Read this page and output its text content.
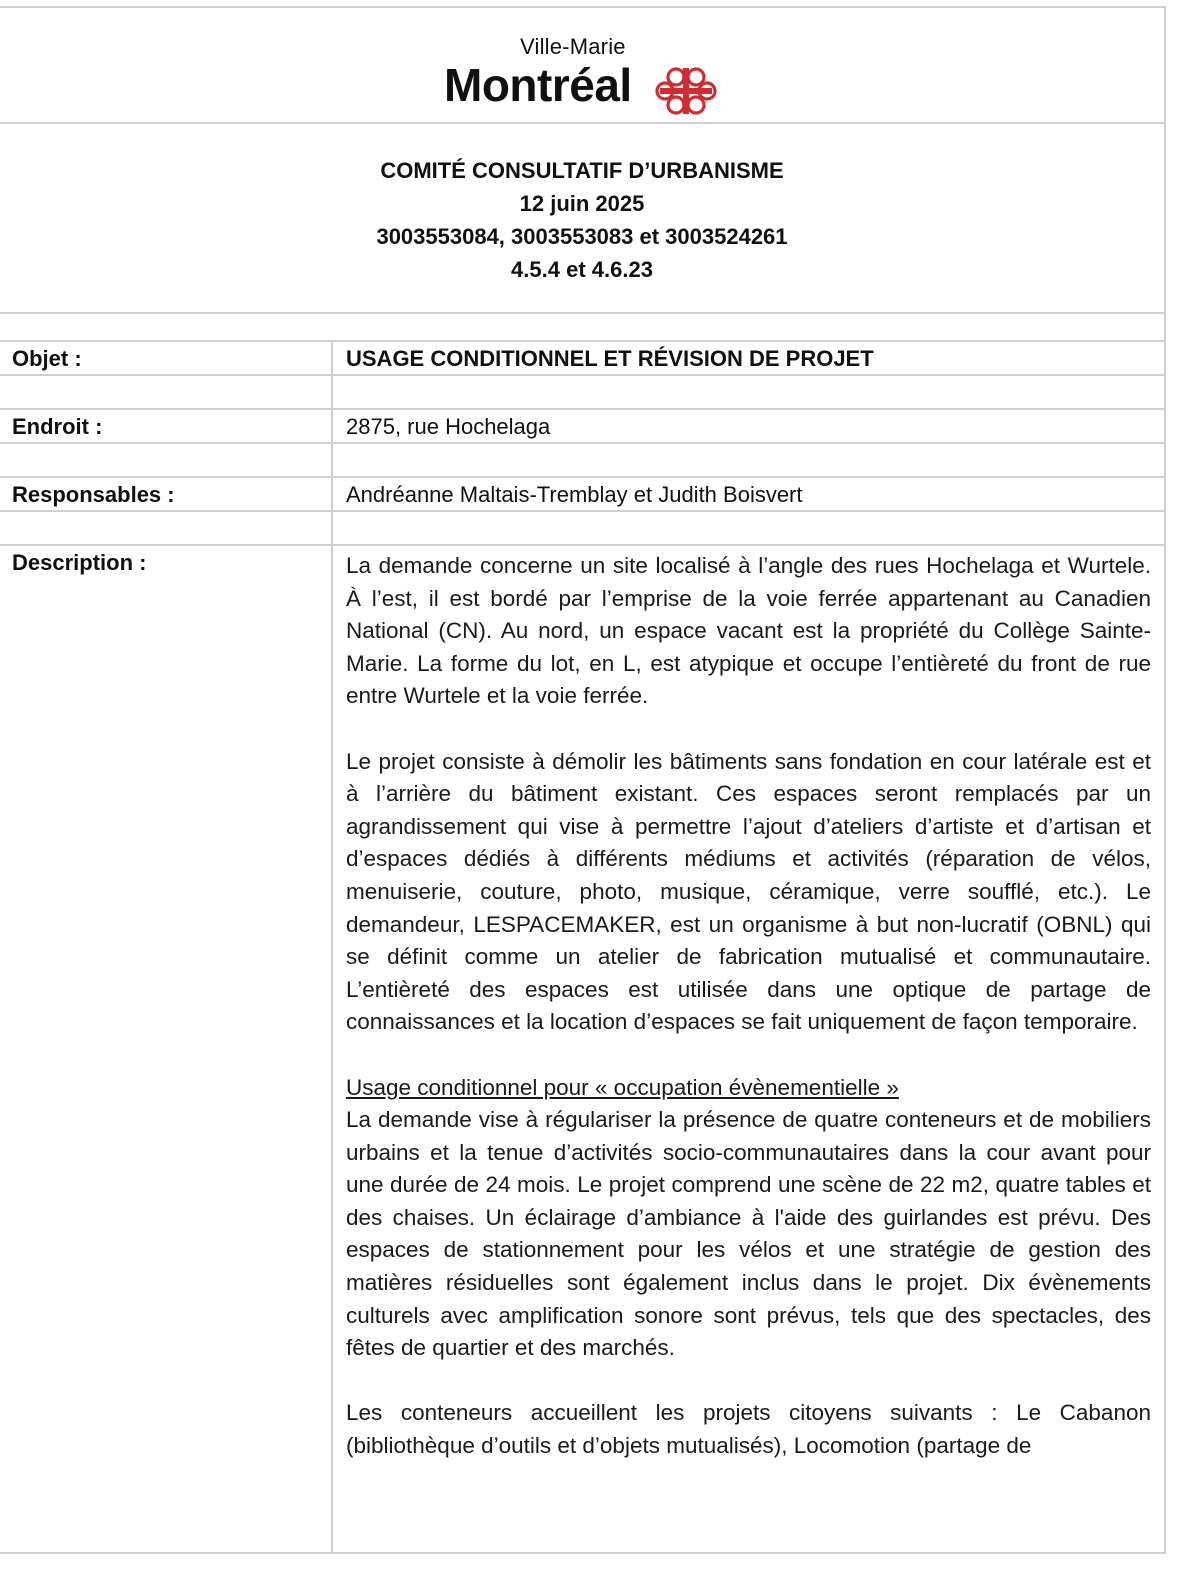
Ville-Marie
Montréal
COMITÉ CONSULTATIF D’URBANISME
12 juin 2025
3003553084, 3003553083 et 3003524261
4.5.4 et 4.6.23
Objet :	USAGE CONDITIONNEL ET RÉVISION DE PROJET
Endroit :	2875, rue Hochelaga
Responsables :	Andréanne Maltais-Tremblay et Judith Boisvert
Description :	La demande concerne un site localisé à l’angle des rues Hochelaga et Wurtele. À l’est, il est bordé par l’emprise de la voie ferrée appartenant au Canadien National (CN). Au nord, un espace vacant est la propriété du Collège Sainte-Marie. La forme du lot, en L, est atypique et occupe l’entièreté du front de rue entre Wurtele et la voie ferrée.

Le projet consiste à démolir les bâtiments sans fondation en cour latérale est et à l’arrière du bâtiment existant. Ces espaces seront remplacés par un agrandissement qui vise à permettre l’ajout d’ateliers d’artiste et d’artisan et d’espaces dédiés à différents médiums et activités (réparation de vélos, menuiserie, couture, photo, musique, céramique, verre soufflé, etc.). Le demandeur, LESPACEMAKER, est un organisme à but non-lucratif (OBNL) qui se définit comme un atelier de fabrication mutualisé et communautaire. L’entièreté des espaces est utilisée dans une optique de partage de connaissances et la location d’espaces se fait uniquement de façon temporaire.

Usage conditionnel pour « occupation évènementielle »
La demande vise à régulariser la présence de quatre conteneurs et de mobiliers urbains et la tenue d’activités socio-communautaires dans la cour avant pour une durée de 24 mois. Le projet comprend une scène de 22 m2, quatre tables et des chaises. Un éclairage d’ambiance à l'aide des guirlandes est prévu. Des espaces de stationnement pour les vélos et une stratégie de gestion des matières résiduelles sont également inclus dans le projet. Dix évènements culturels avec amplification sonore sont prévus, tels que des spectacles, des fêtes de quartier et des marchés.

Les conteneurs accueillent les projets citoyens suivants : Le Cabanon (bibliothèque d’outils et d’objets mutualisés), Locomotion (partage de
